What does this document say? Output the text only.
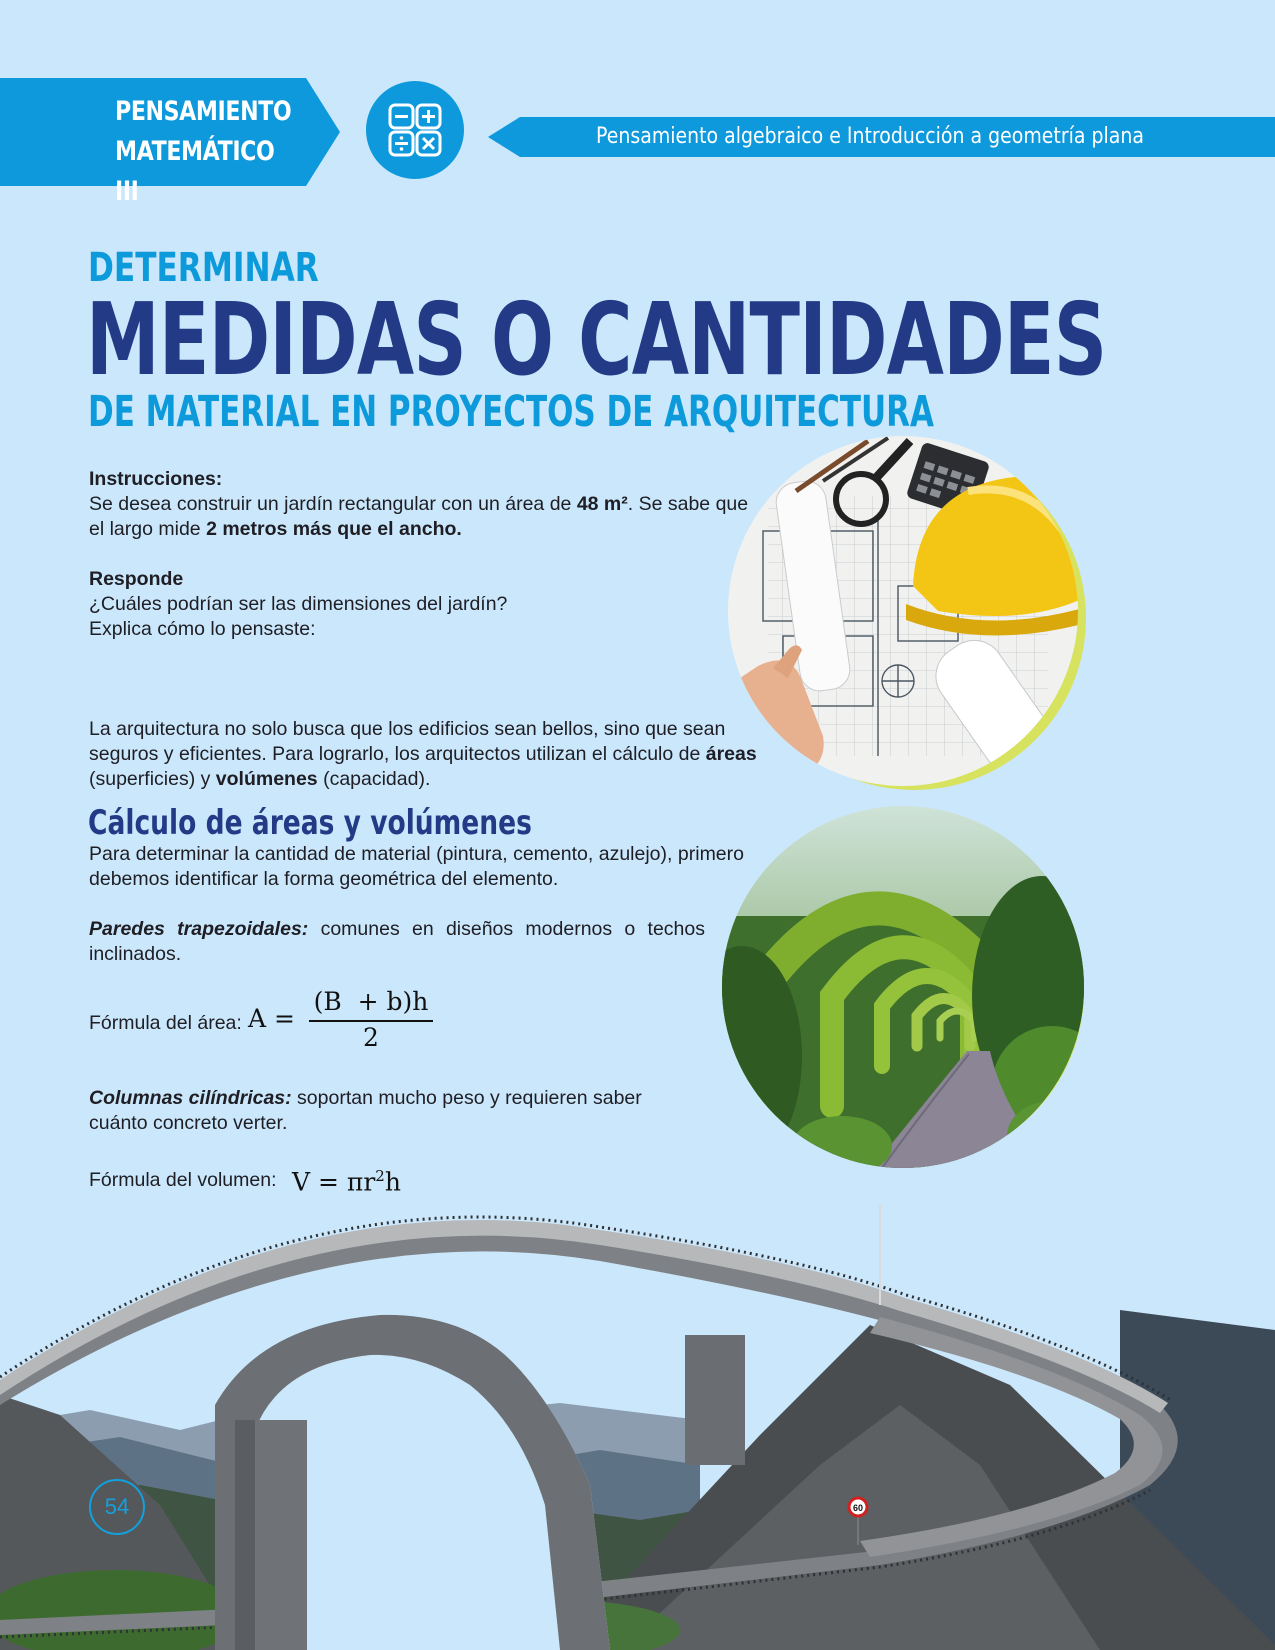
PENSAMIENTO
MATEMÁTICO III
Pensamiento algebraico e Introducción a geometría plana
DETERMINAR
MEDIDAS O CANTIDADES
DE MATERIAL EN PROYECTOS DE ARQUITECTURA
Instrucciones:
Se desea construir un jardín rectangular con un área de 48 m². Se sabe que el largo mide 2 metros más que el ancho.
Responde
¿Cuáles podrían ser las dimensiones del jardín?
Explica cómo lo pensaste:
La arquitectura no solo busca que los edificios sean bellos, sino que sean seguros y eficientes. Para lograrlo, los arquitectos utilizan el cálculo de áreas (superficies) y volúmenes (capacidad).
Cálculo de áreas y volúmenes
Para determinar la cantidad de material (pintura, cemento, azulejo), primero debemos identificar la forma geométrica del elemento.
Paredes trapezoidales: comunes en diseños modernos o techos inclinados.
Fórmula del área: A =
(B  + b)h
2
Columnas cilíndricas: soportan mucho peso y requieren saber cuánto concreto verter.
Fórmula del volumen: $V = \pi r^2h$
60
54
